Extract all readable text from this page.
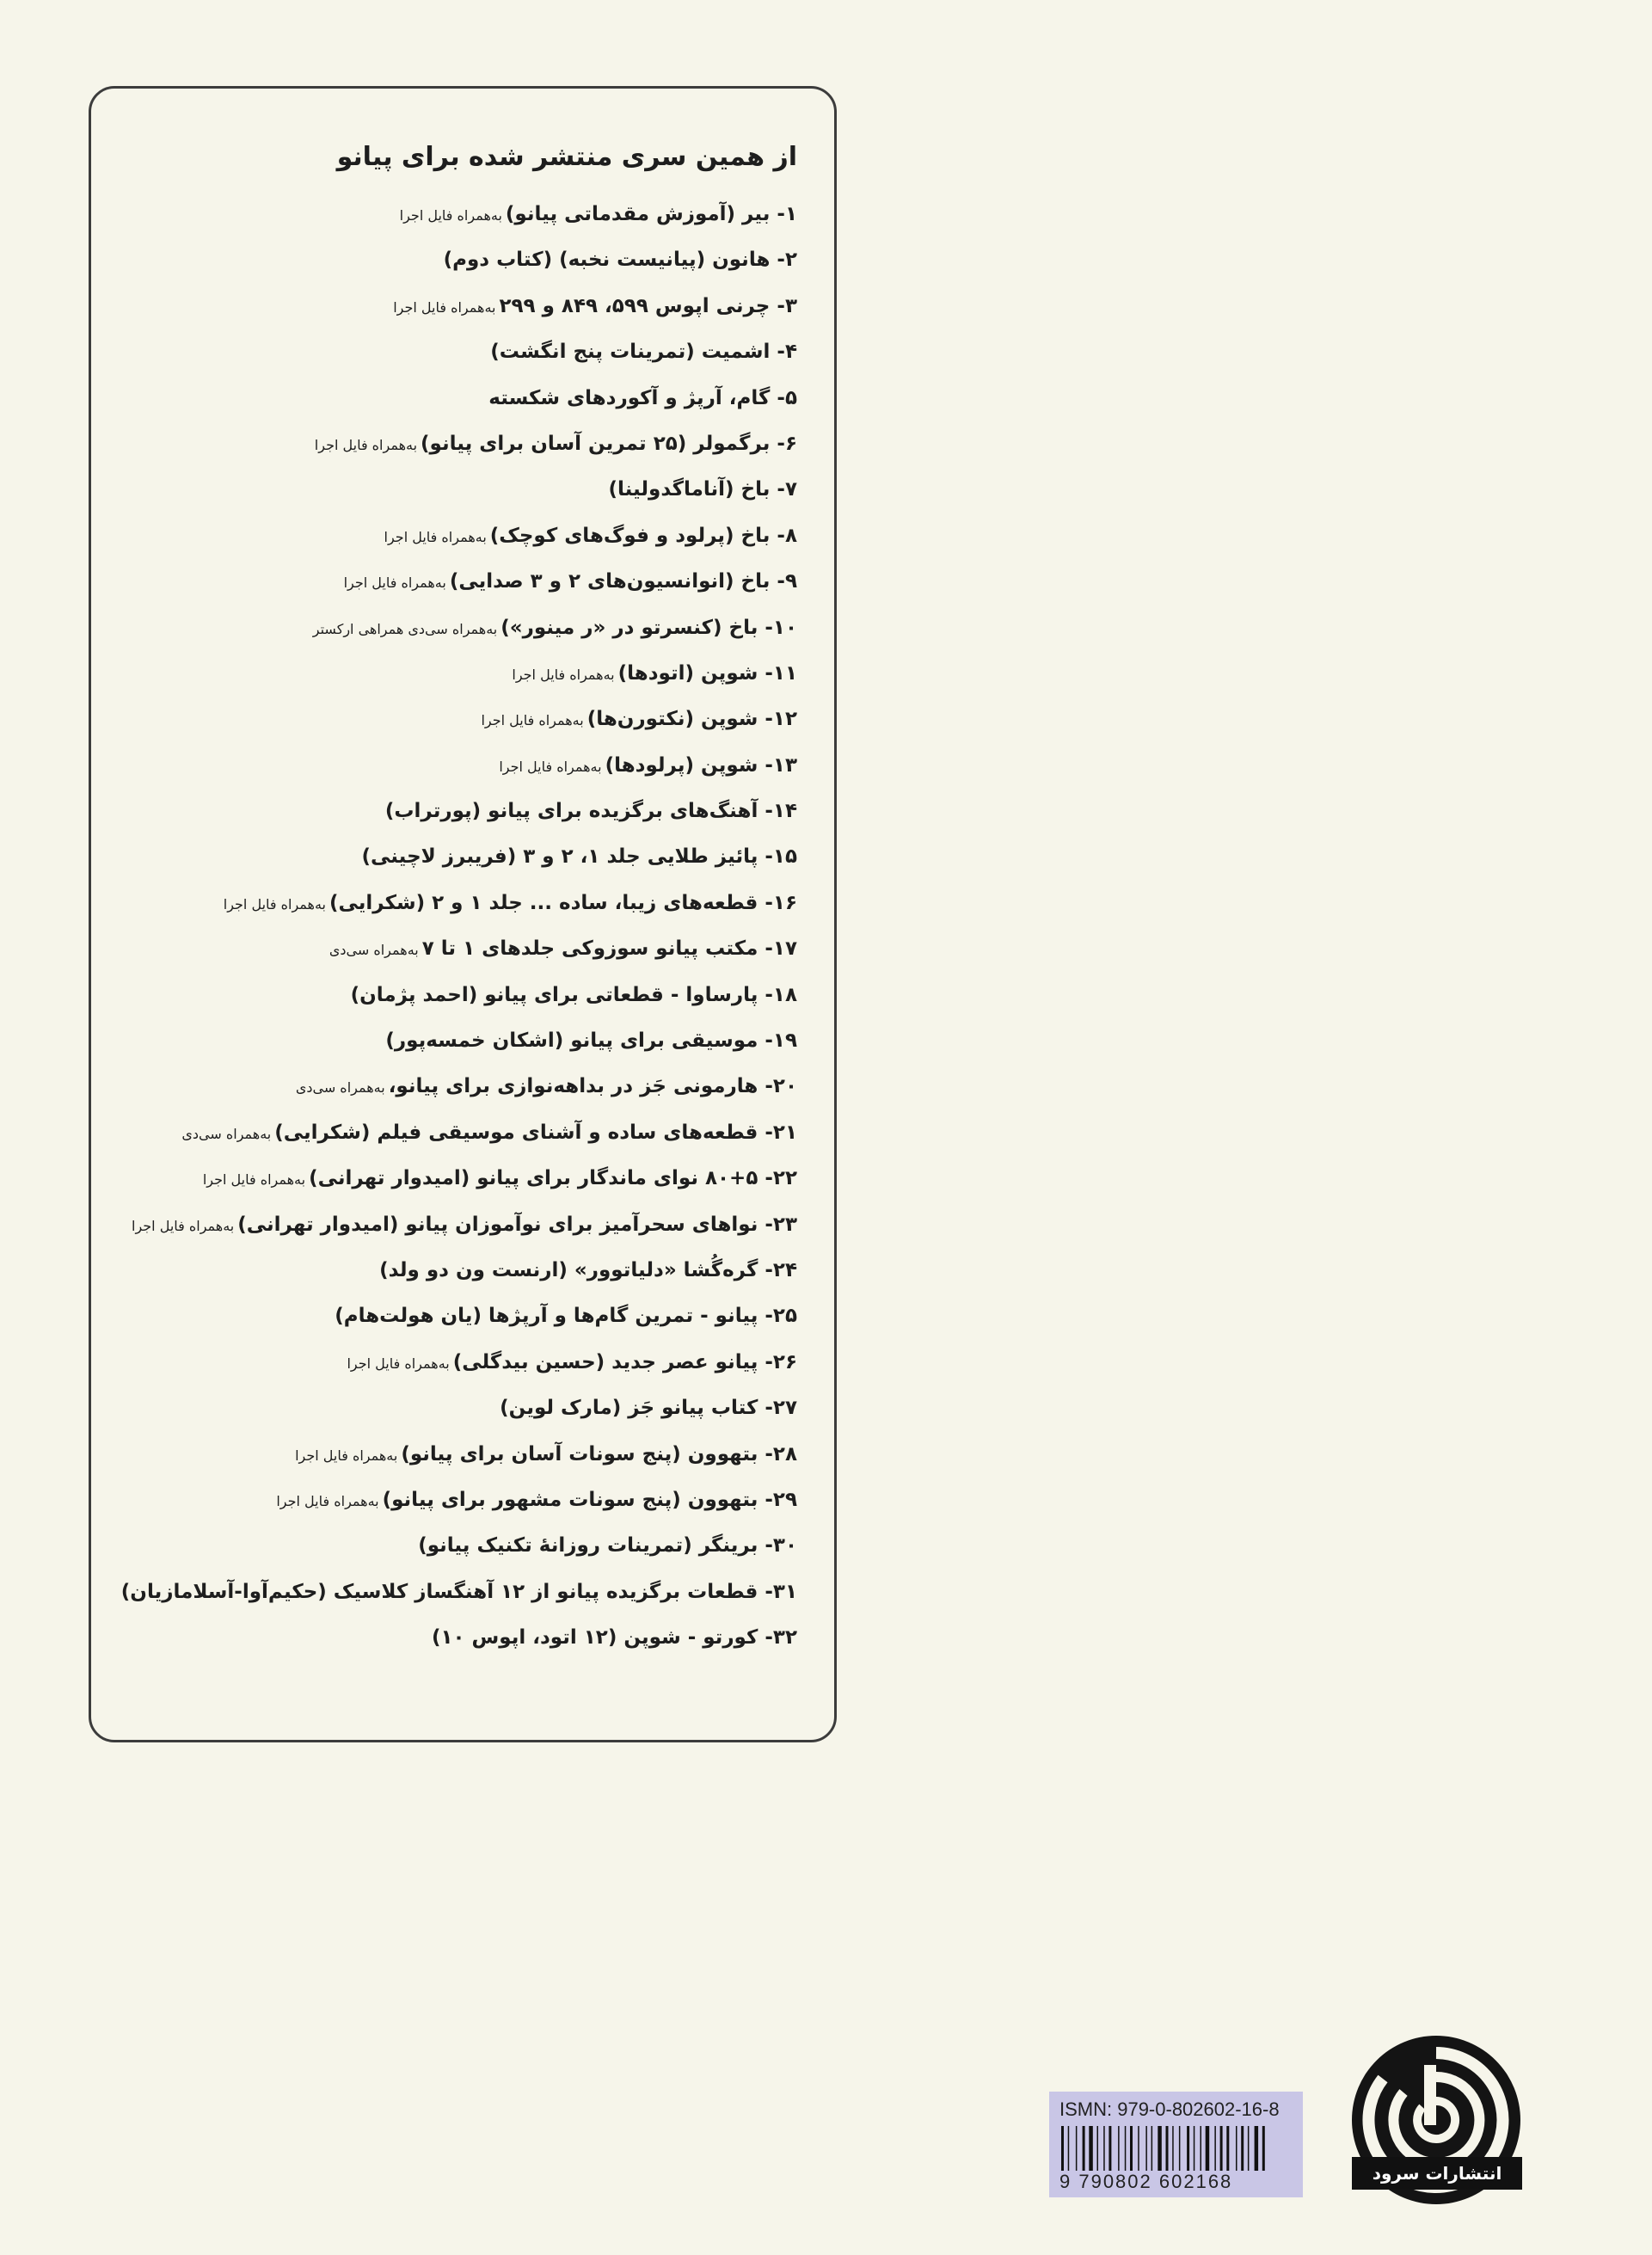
از همین سری منتشر شده برای پیانو
۱- بیر (آموزش مقدماتی پیانو)به‌همراه فایل اجرا
۲- هانون (پیانیست نخبه) (کتاب دوم)
۳- چرنی اپوس ۵۹۹، ۸۴۹ و ۲۹۹به‌همراه فایل اجرا
۴- اشمیت (تمرینات پنج انگشت)
۵- گام، آرپژ و آکوردهای شکسته
۶- برگمولر (۲۵ تمرین آسان برای پیانو)به‌همراه فایل اجرا
۷- باخ (آناماگدولینا)
۸- باخ (پرلود و فوگ‌های کوچک)به‌همراه فایل اجرا
۹- باخ (انوانسیون‌های ۲ و ۳ صدایی)به‌همراه فایل اجرا
۱۰- باخ (کنسرتو در «ر مینور»)به‌همراه سی‌دی همراهی ارکستر
۱۱- شوپن (اتودها)به‌همراه فایل اجرا
۱۲- شوپن (نکتورن‌ها)به‌همراه فایل اجرا
۱۳- شوپن (پرلودها)به‌همراه فایل اجرا
۱۴- آهنگ‌های برگزیده برای پیانو (پورتراب)
۱۵- پائیز طلایی جلد ۱، ۲ و ۳ (فریبرز لاچینی)
۱۶- قطعه‌های زیبا، ساده ... جلد ۱ و ۲ (شکرایی)به‌همراه فایل اجرا
۱۷- مکتب پیانو سوزوکی جلدهای ۱ تا ۷به‌همراه سی‌دی
۱۸- پارساوا - قطعاتی برای پیانو (احمد پژمان)
۱۹- موسیقی برای پیانو (اشکان خمسه‌پور)
۲۰- هارمونی جَز در بداهه‌نوازی برای پیانو،به‌همراه سی‌دی
۲۱- قطعه‌های ساده و آشنای موسیقی فیلم (شکرایی)به‌همراه سی‌دی
۲۲- ۸۰+۵ نوای ماندگار برای پیانو (امیدوار تهرانی)به‌همراه فایل اجرا
۲۳- نواهای سحرآمیز برای نوآموزان پیانو (امیدوار تهرانی)به‌همراه فایل اجرا
۲۴- گره‌گُشا «دلیاتوور» (ارنست ون دو ولد)
۲۵- پیانو - تمرین گام‌ها و آرپژها (یان هولت‌هام)
۲۶- پیانو عصر جدید (حسین بیدگلی)به‌همراه فایل اجرا
۲۷- کتاب پیانو جَز (مارک لوین)
۲۸- بتهوون (پنج سونات آسان برای پیانو)به‌همراه فایل اجرا
۲۹- بتهوون (پنج سونات مشهور برای پیانو)به‌همراه فایل اجرا
۳۰- برینگر (تمرینات روزانهٔ تکنیک پیانو)
۳۱- قطعات برگزیده پیانو از ۱۲ آهنگساز کلاسیک (حکیم‌آوا-آسلامازیان)
۳۲- کورتو - شوپن (۱۲ اتود، اپوس ۱۰)
ISMN: 979-0-802602-16-8
9 790802 602168	انتشارات سرود
